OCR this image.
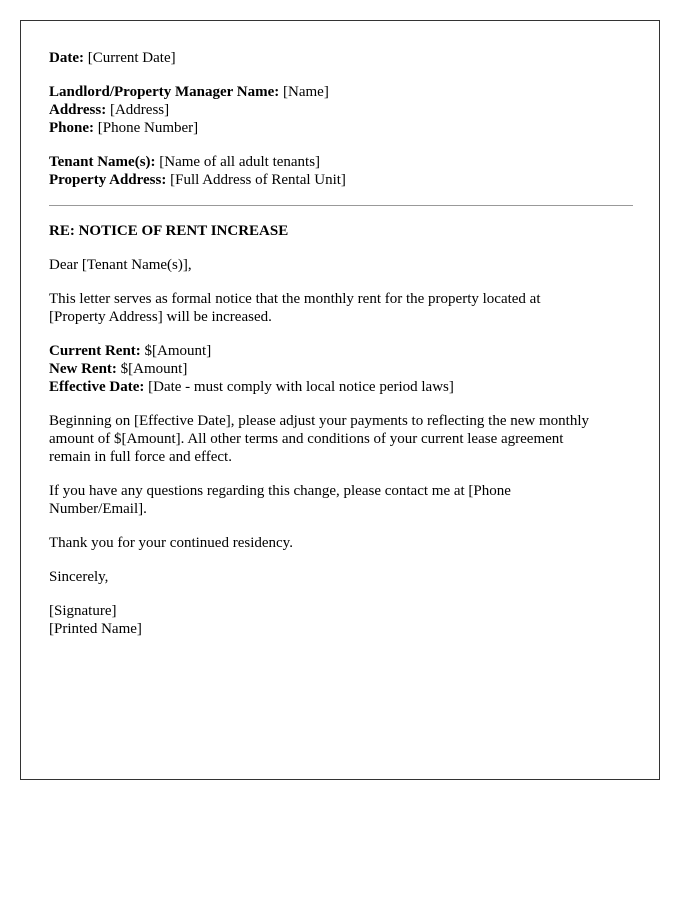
Date: [Current Date]
Landlord/Property Manager Name: [Name]
Address: [Address]
Phone: [Phone Number]
Tenant Name(s): [Name of all adult tenants]
Property Address: [Full Address of Rental Unit]
RE: NOTICE OF RENT INCREASE

Dear [Tenant Name(s)],

This letter serves as formal notice that the monthly rent for the property located at
[Property Address] will be increased.

Current Rent: $[Amount]
New Rent: $[Amount]
Effective Date: [Date - must comply with local notice period laws]

Beginning on [Effective Date], please adjust your payments to reflecting the new monthly
amount of $[Amount]. All other terms and conditions of your current lease agreement
remain in full force and effect.

If you have any questions regarding this change, please contact me at [Phone
Number/Email].

Thank you for your continued residency.

Sincerely,

[Signature]
[Printed Name]
